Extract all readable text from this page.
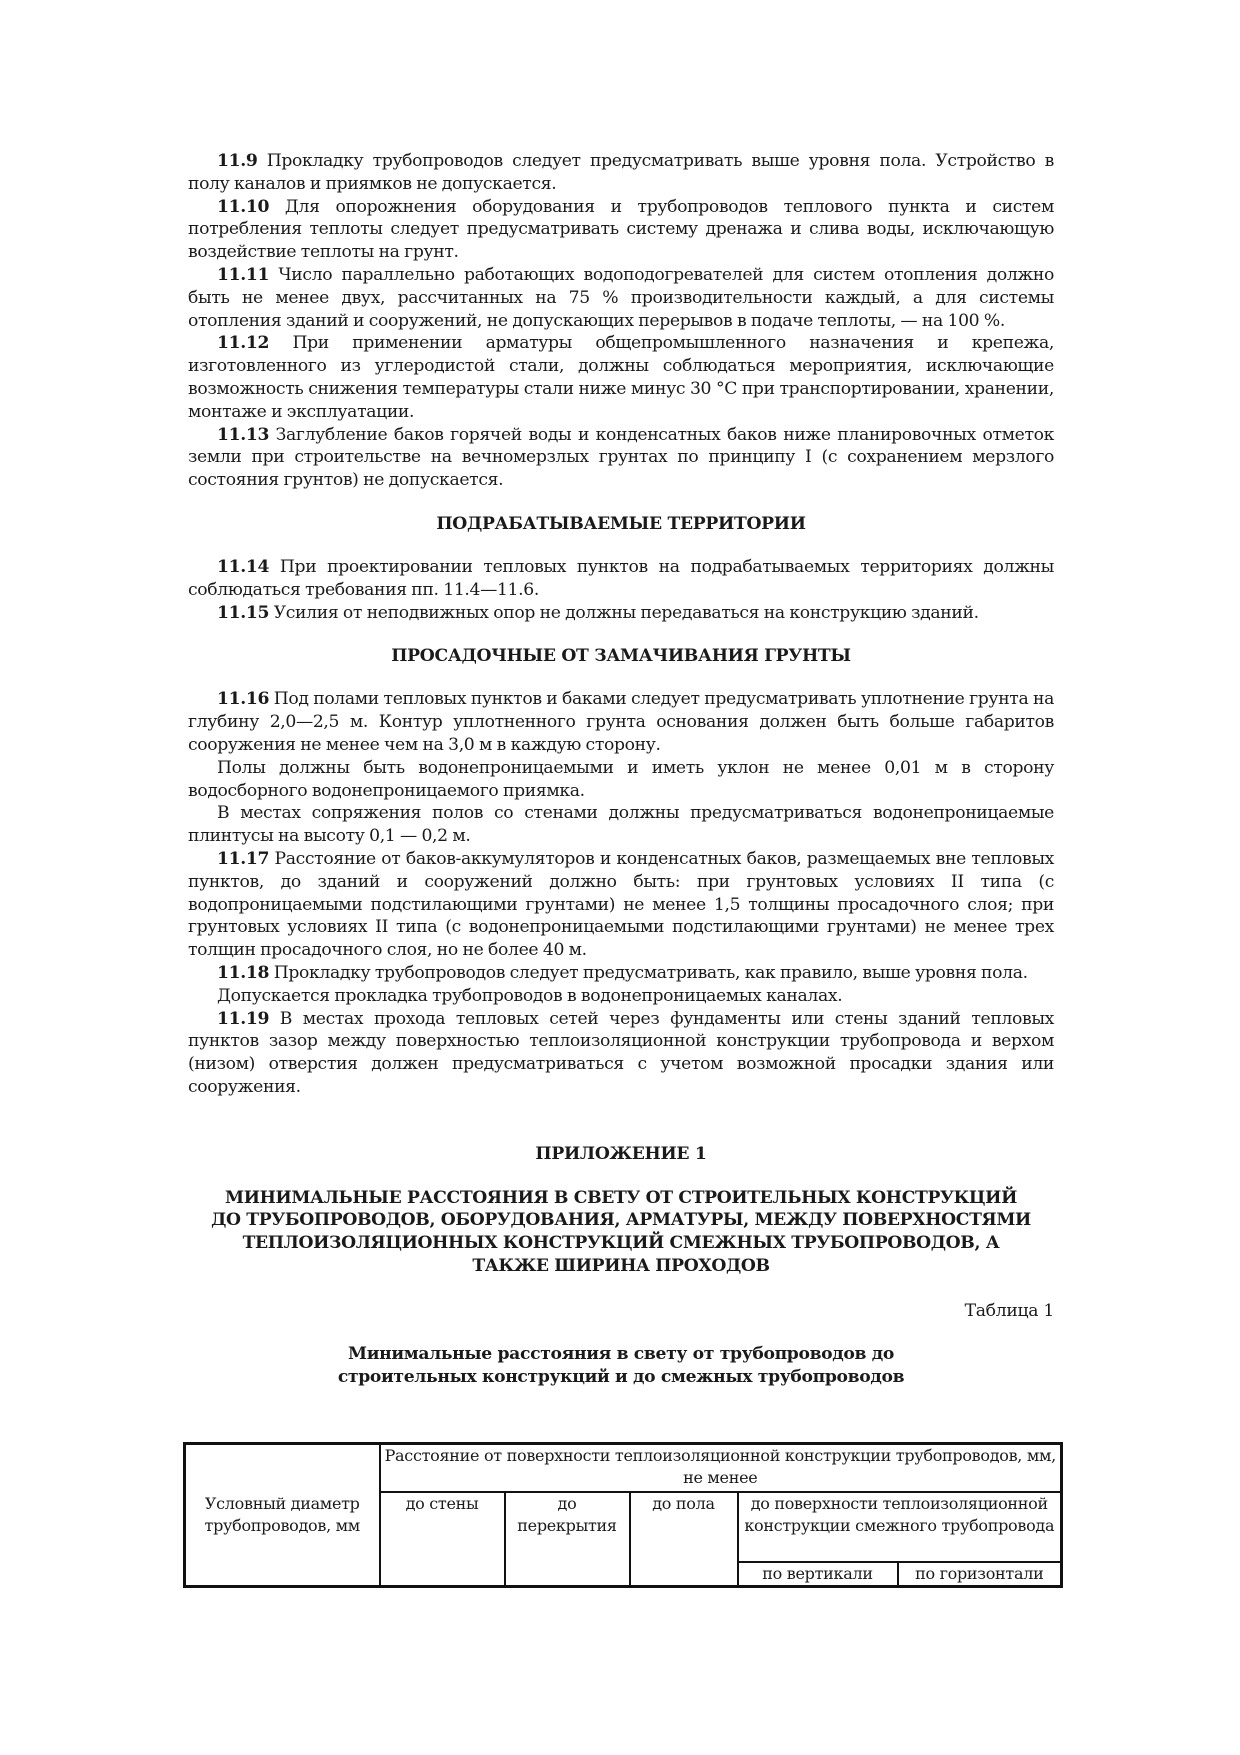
11.9 Прокладку трубопроводов следует предусматривать выше уровня пола. Устройство в полу каналов и приямков не допускается.

11.10 Для опорожнения оборудования и трубопроводов теплового пункта и систем потребления теплоты следует предусматривать систему дренажа и слива воды, исключающую воздействие теплоты на грунт.

11.11 Число параллельно работающих водоподогревателей для систем отопления должно быть не менее двух, рассчитанных на 75 % производительности каждый, а для системы отопления зданий и сооружений, не допускающих перерывов в подаче теплоты, — на 100 %.

11.12 При применении арматуры общепромышленного назначения и крепежа, изготовленного из углеродистой стали, должны соблюдаться мероприятия, исключающие возможность снижения температуры стали ниже минус 30 °С при транспортировании, хранении, монтаже и эксплуатации.

11.13 Заглубление баков горячей воды и конденсатных баков ниже планировочных отметок земли при строительстве на вечномерзлых грунтах по принципу I (с сохранением мерзлого состояния грунтов) не допускается.

ПОДРАБАТЫВАЕМЫЕ ТЕРРИТОРИИ

11.14 При проектировании тепловых пунктов на подрабатываемых территориях должны соблюдаться требования пп. 11.4—11.6.

11.15 Усилия от неподвижных опор не должны передаваться на конструкцию зданий.

ПРОСАДОЧНЫЕ ОТ ЗАМАЧИВАНИЯ ГРУНТЫ

11.16 Под полами тепловых пунктов и баками следует предусматривать уплотнение грунта на глубину 2,0—2,5 м. Контур уплотненного грунта основания должен быть больше габаритов сооружения не менее чем на 3,0 м в каждую сторону.

Полы должны быть водонепроницаемыми и иметь уклон не менее 0,01 м в сторону водосборного водонепроницаемого приямка.

В местах сопряжения полов со стенами должны предусматриваться водонепроницаемые плинтусы на высоту 0,1 — 0,2 м.

11.17 Расстояние от баков-аккумуляторов и конденсатных баков, размещаемых вне тепловых пунктов, до зданий и сооружений должно быть: при грунтовых условиях II типа (с водопроницаемыми подстилающими грунтами) не менее 1,5 толщины просадочного слоя; при грунтовых условиях II типа (с водонепроницаемыми подстилающими грунтами) не менее трех толщин просадочного слоя, но не более 40 м.

11.18 Прокладку трубопроводов следует предусматривать, как правило, выше уровня пола.

Допускается прокладка трубопроводов в водонепроницаемых каналах.

11.19 В местах прохода тепловых сетей через фундаменты или стены зданий тепловых пунктов зазор между поверхностью теплоизоляционной конструкции трубопровода и верхом (низом) отверстия должен предусматриваться с учетом возможной просадки здания или сооружения.

ПРИЛОЖЕНИЕ 1

МИНИМАЛЬНЫЕ РАССТОЯНИЯ В СВЕТУ ОТ СТРОИТЕЛЬНЫХ КОНСТРУКЦИЙ

ДО ТРУБОПРОВОДОВ, ОБОРУДОВАНИЯ, АРМАТУРЫ, МЕЖДУ ПОВЕРХНОСТЯМИ

ТЕПЛОИЗОЛЯЦИОННЫХ КОНСТРУКЦИЙ СМЕЖНЫХ ТРУБОПРОВОДОВ, А

ТАКЖЕ ШИРИНА ПРОХОДОВ

Таблица 1

Минимальные расстояния в свету от трубопроводов до

строительных конструкций и до смежных трубопроводов

Условный диаметр трубопроводов, мм	Расстояние от поверхности теплоизоляционной конструкции трубопроводов, мм, не менее				
	до стены	до перекрытия	до пола	до поверхности теплоизоляционной конструкции смежного трубопровода	
				по вертикали	по горизонтали
